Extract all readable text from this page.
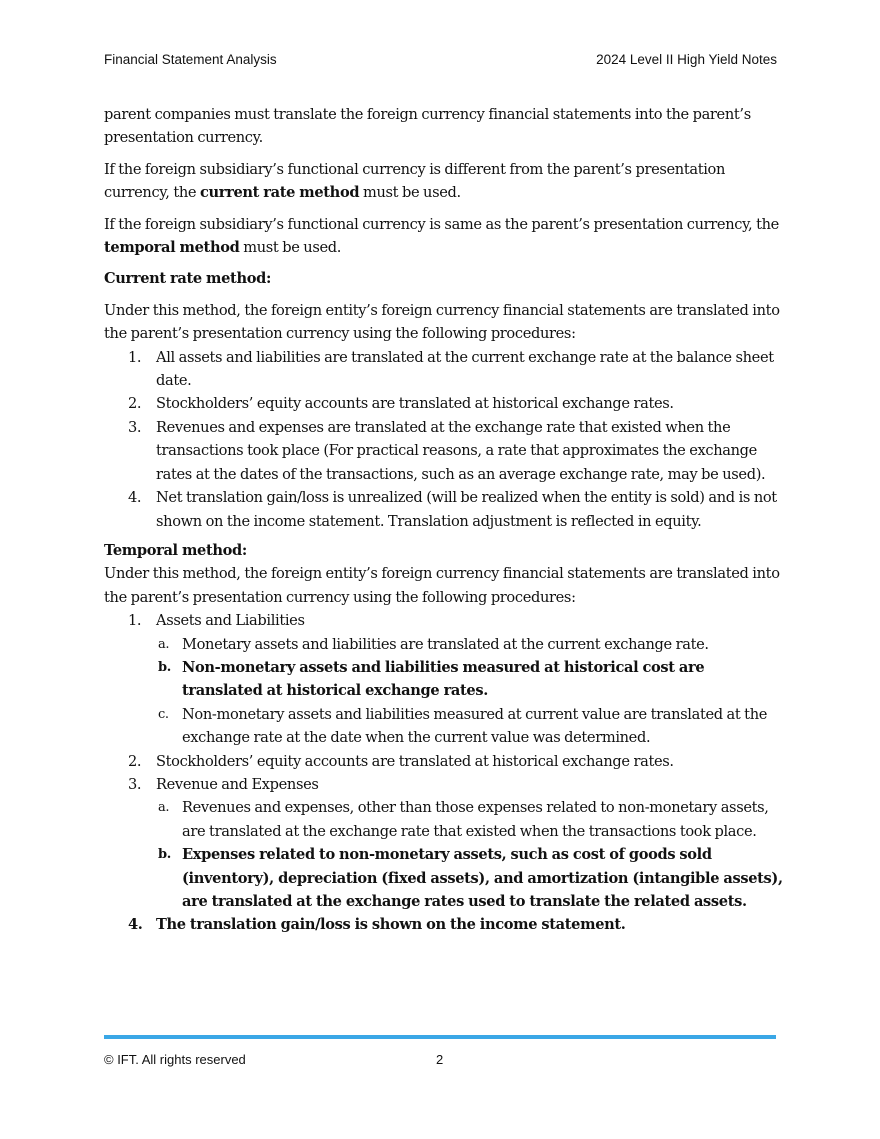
Financial Statement Analysis	2024 Level II High Yield Notes

parent companies must translate the foreign currency financial statements into the parent’s presentation currency.

If the foreign subsidiary’s functional currency is different from the parent’s presentation currency, the current rate method must be used.

If the foreign subsidiary’s functional currency is same as the parent’s presentation currency, the temporal method must be used.

Current rate method:

Under this method, the foreign entity’s foreign currency financial statements are translated into the parent’s presentation currency using the following procedures:

1. All assets and liabilities are translated at the current exchange rate at the balance sheet date.
2. Stockholders’ equity accounts are translated at historical exchange rates.
3. Revenues and expenses are translated at the exchange rate that existed when the transactions took place (For practical reasons, a rate that approximates the exchange rates at the dates of the transactions, such as an average exchange rate, may be used).
4. Net translation gain/loss is unrealized (will be realized when the entity is sold) and is not shown on the income statement. Translation adjustment is reflected in equity.

Temporal method:

Under this method, the foreign entity’s foreign currency financial statements are translated into the parent’s presentation currency using the following procedures:

1. Assets and Liabilities
a. Monetary assets and liabilities are translated at the current exchange rate.
b. Non-monetary assets and liabilities measured at historical cost are translated at historical exchange rates.
c. Non-monetary assets and liabilities measured at current value are translated at the exchange rate at the date when the current value was determined.
2. Stockholders’ equity accounts are translated at historical exchange rates.
3. Revenue and Expenses
a. Revenues and expenses, other than those expenses related to non-monetary assets, are translated at the exchange rate that existed when the transactions took place.
b. Expenses related to non-monetary assets, such as cost of goods sold (inventory), depreciation (fixed assets), and amortization (intangible assets), are translated at the exchange rates used to translate the related assets.
4. The translation gain/loss is shown on the income statement.
© IFT. All rights reserved	2
